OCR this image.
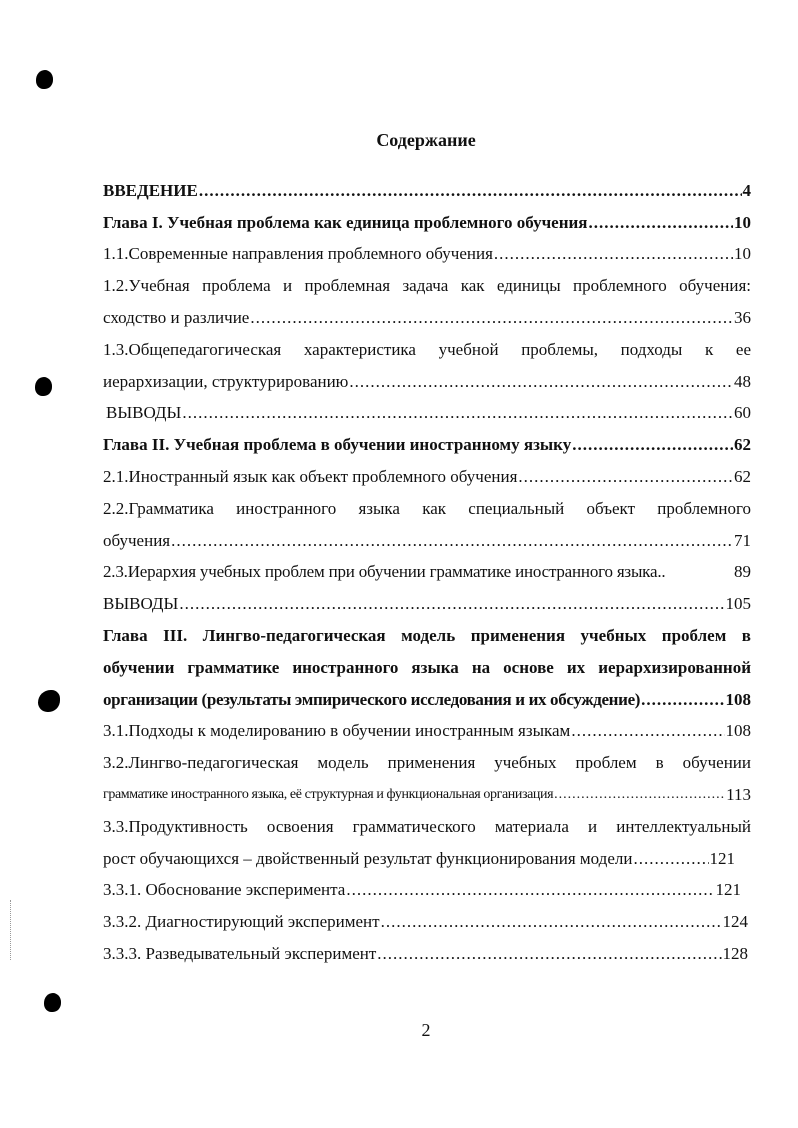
Содержание
ВВЕДЕНИЕ .....	4
Глава I. Учебная проблема как единица проблемного обучения .....	10
1.1.Современные направления проблемного обучения .....	10
1.2.Учебная проблема и проблемная задача как единицы проблемного обучения:
сходство и различие .....	36
1.3.Общепедагогическая характеристика учебной проблемы, подходы к ее
иерархизации, структурированию .....	48
ВЫВОДЫ .....	60
Глава II. Учебная проблема в обучении иностранному языку .....	62
2.1.Иностранный язык как объект проблемного обучения .....	62
2.2.Грамматика иностранного языка как специальный объект проблемного
обучения .....	71
2.3.Иерархия учебных проблем при обучении грамматике иностранного языка..	89
ВЫВОДЫ .....	105
Глава III. Лингво-педагогическая модель применения учебных проблем в
обучении грамматике иностранного языка на основе их иерархизированной
организации (результаты эмпирического исследования и их обсуждение) .....	108
3.1.Подходы к моделированию в обучении иностранным языкам .....	108
3.2.Лингво-педагогическая модель применения учебных проблем в обучении
грамматике иностранного языка, её структурная и функциональная организация .....	113
3.3.Продуктивность освоения грамматического материала и интеллектуальный
рост обучающихся – двойственный результат функционирования модели .....	121
3.3.1. Обоснование эксперимента .....	121
3.3.2. Диагностирующий эксперимент .....	124
3.3.3. Разведывательный эксперимент .....	128
2
